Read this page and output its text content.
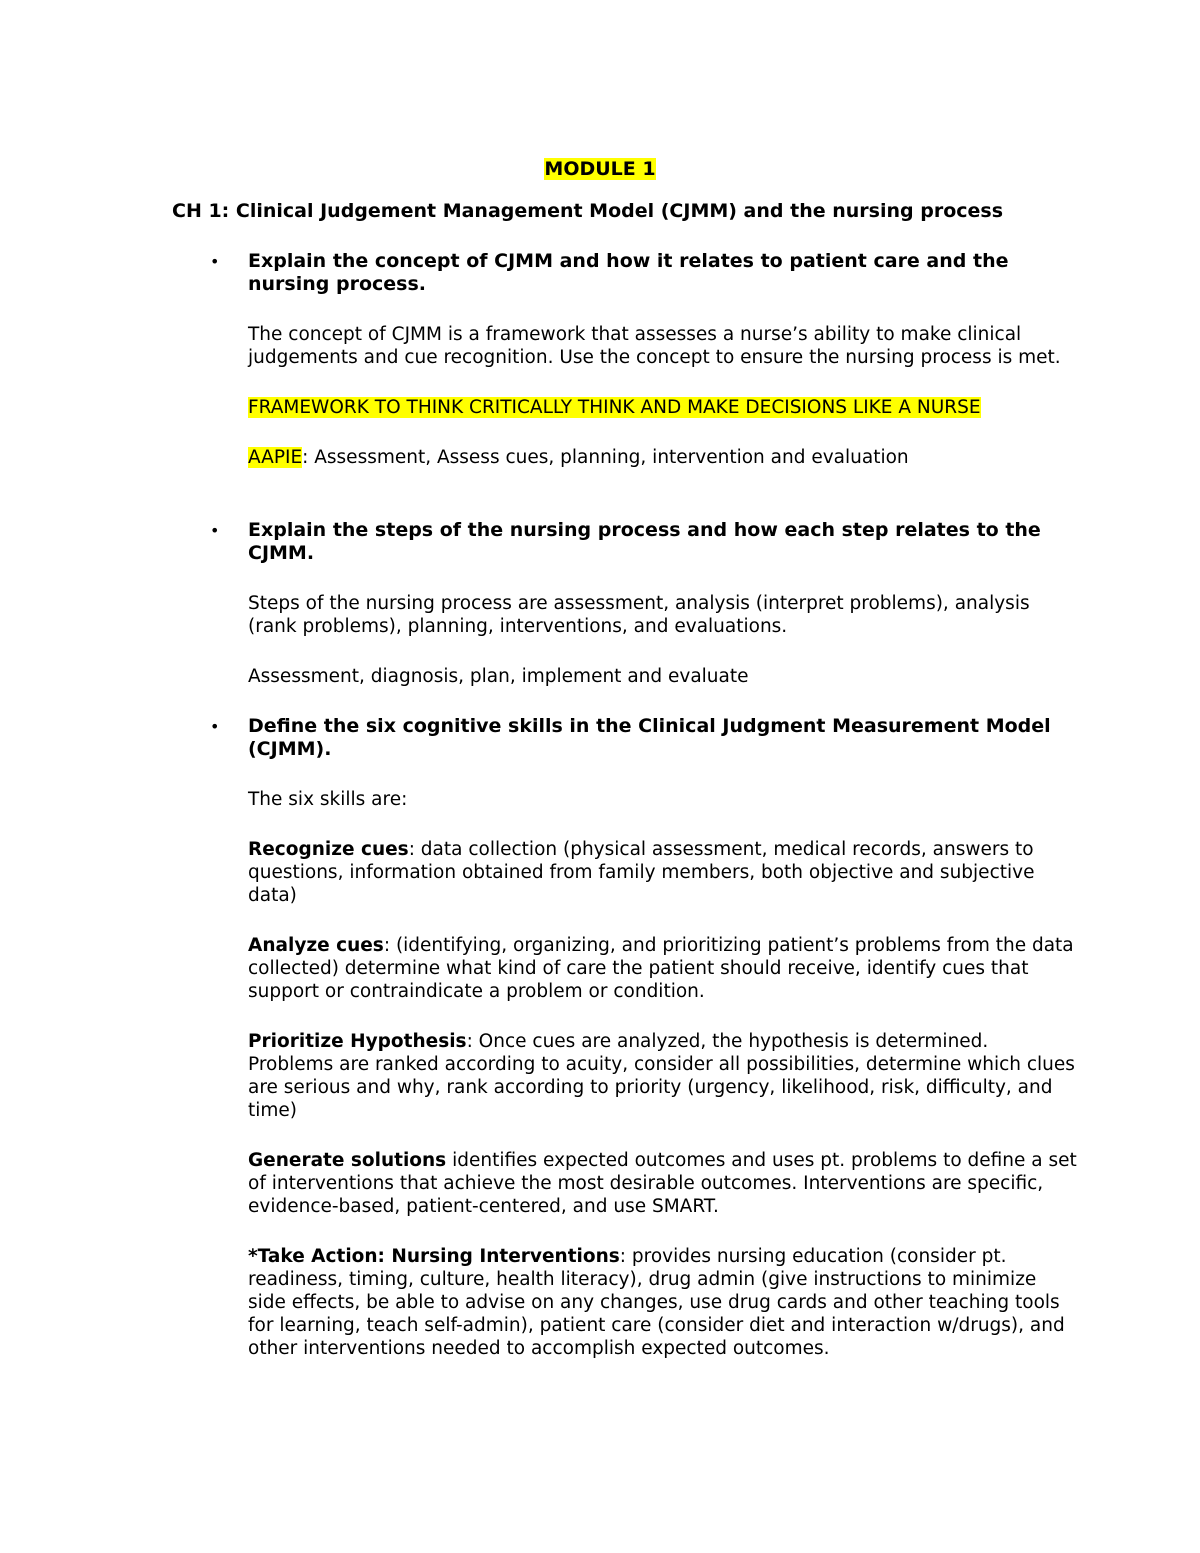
MODULE 1
CH 1: Clinical Judgement Management Model (CJMM) and the nursing process
• Explain the concept of CJMM and how it relates to patient care and the nursing process.

The concept of CJMM is a framework that assesses a nurse’s ability to make clinical judgements and cue recognition. Use the concept to ensure the nursing process is met.

FRAMEWORK TO THINK CRITICALLY THINK AND MAKE DECISIONS LIKE A NURSE

AAPIE: Assessment, Assess cues, planning, intervention and evaluation

• Explain the steps of the nursing process and how each step relates to the CJMM.

Steps of the nursing process are assessment, analysis (interpret problems), analysis (rank problems), planning, interventions, and evaluations.

Assessment, diagnosis, plan, implement and evaluate

• Define the six cognitive skills in the Clinical Judgment Measurement Model (CJMM).

The six skills are:

Recognize cues: data collection (physical assessment, medical records, answers to questions, information obtained from family members, both objective and subjective data)

Analyze cues: (identifying, organizing, and prioritizing patient’s problems from the data collected) determine what kind of care the patient should receive, identify cues that support or contraindicate a problem or condition.

Prioritize Hypothesis: Once cues are analyzed, the hypothesis is determined. Problems are ranked according to acuity, consider all possibilities, determine which clues are serious and why, rank according to priority (urgency, likelihood, risk, difficulty, and time)

Generate solutions identifies expected outcomes and uses pt. problems to define a set of interventions that achieve the most desirable outcomes. Interventions are specific, evidence-based, patient-centered, and use SMART.

*Take Action: Nursing Interventions: provides nursing education (consider pt. readiness, timing, culture, health literacy), drug admin (give instructions to minimize side effects, be able to advise on any changes, use drug cards and other teaching tools for learning, teach self-admin), patient care (consider diet and interaction w/drugs), and other interventions needed to accomplish expected outcomes.
